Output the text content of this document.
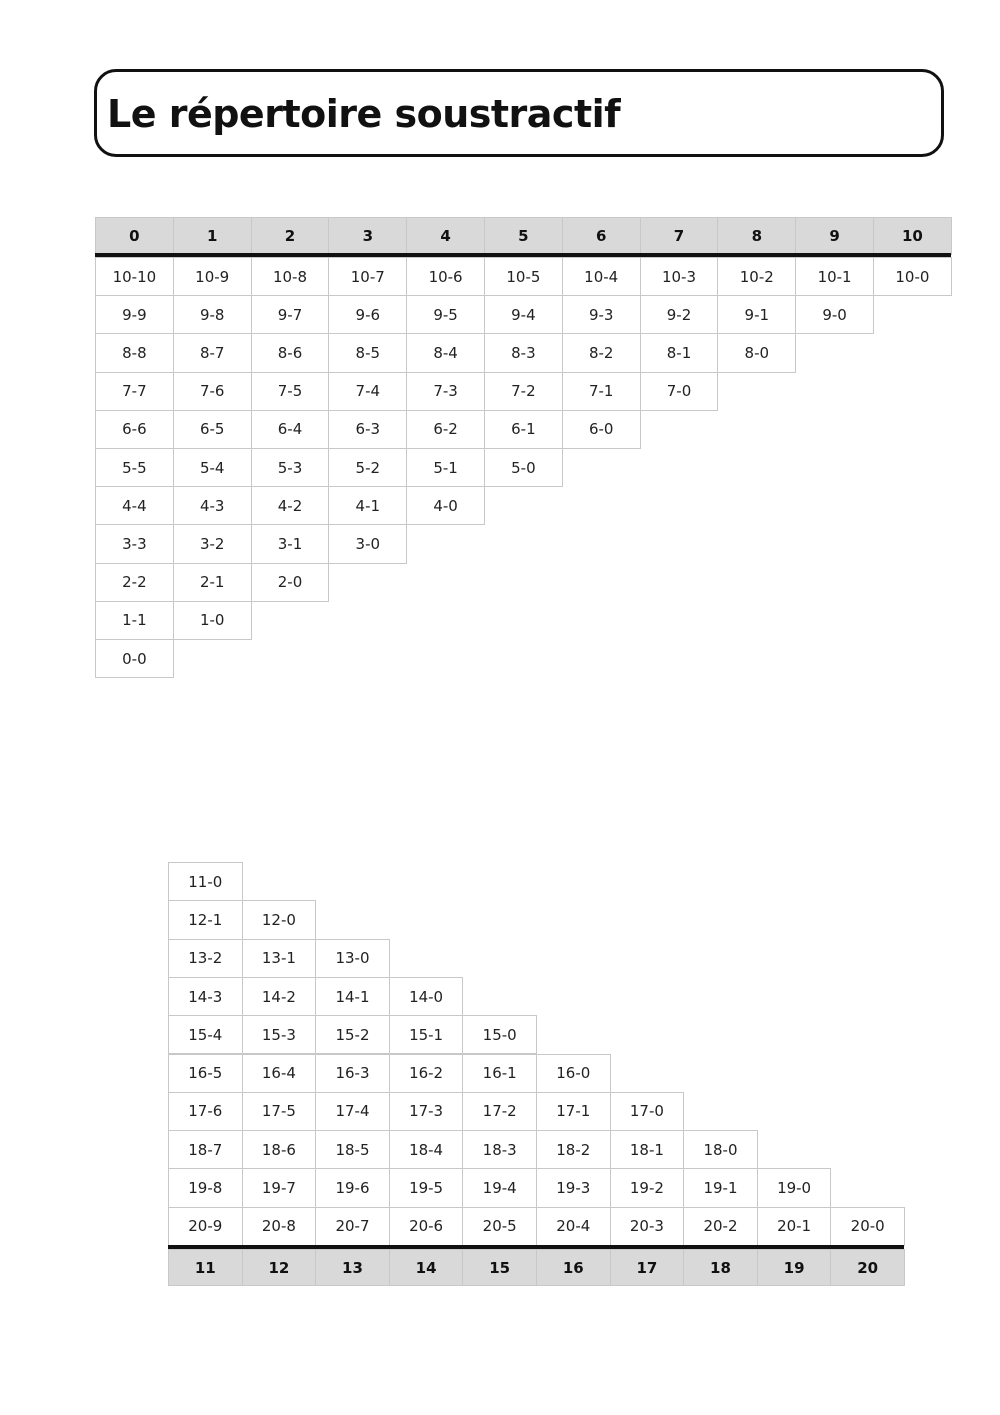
Le répertoire soustractif
0	1	2	3	4	5	6	7	8	9	10
10-10	10-9	10-8	10-7	10-6	10-5	10-4	10-3	10-2	10-1	10-0
9-9	9-8	9-7	9-6	9-5	9-4	9-3	9-2	9-1	9-0
8-8	8-7	8-6	8-5	8-4	8-3	8-2	8-1	8-0
7-7	7-6	7-5	7-4	7-3	7-2	7-1	7-0
6-6	6-5	6-4	6-3	6-2	6-1	6-0
5-5	5-4	5-3	5-2	5-1	5-0
4-4	4-3	4-2	4-1	4-0
3-3	3-2	3-1	3-0
2-2	2-1	2-0
1-1	1-0
0-0
11-0
12-1	12-0
13-2	13-1	13-0
14-3	14-2	14-1	14-0
15-4	15-3	15-2	15-1	15-0
16-5	16-4	16-3	16-2	16-1	16-0
17-6	17-5	17-4	17-3	17-2	17-1	17-0
18-7	18-6	18-5	18-4	18-3	18-2	18-1	18-0
19-8	19-7	19-6	19-5	19-4	19-3	19-2	19-1	19-0
20-9	20-8	20-7	20-6	20-5	20-4	20-3	20-2	20-1	20-0
11	12	13	14	15	16	17	18	19	20
